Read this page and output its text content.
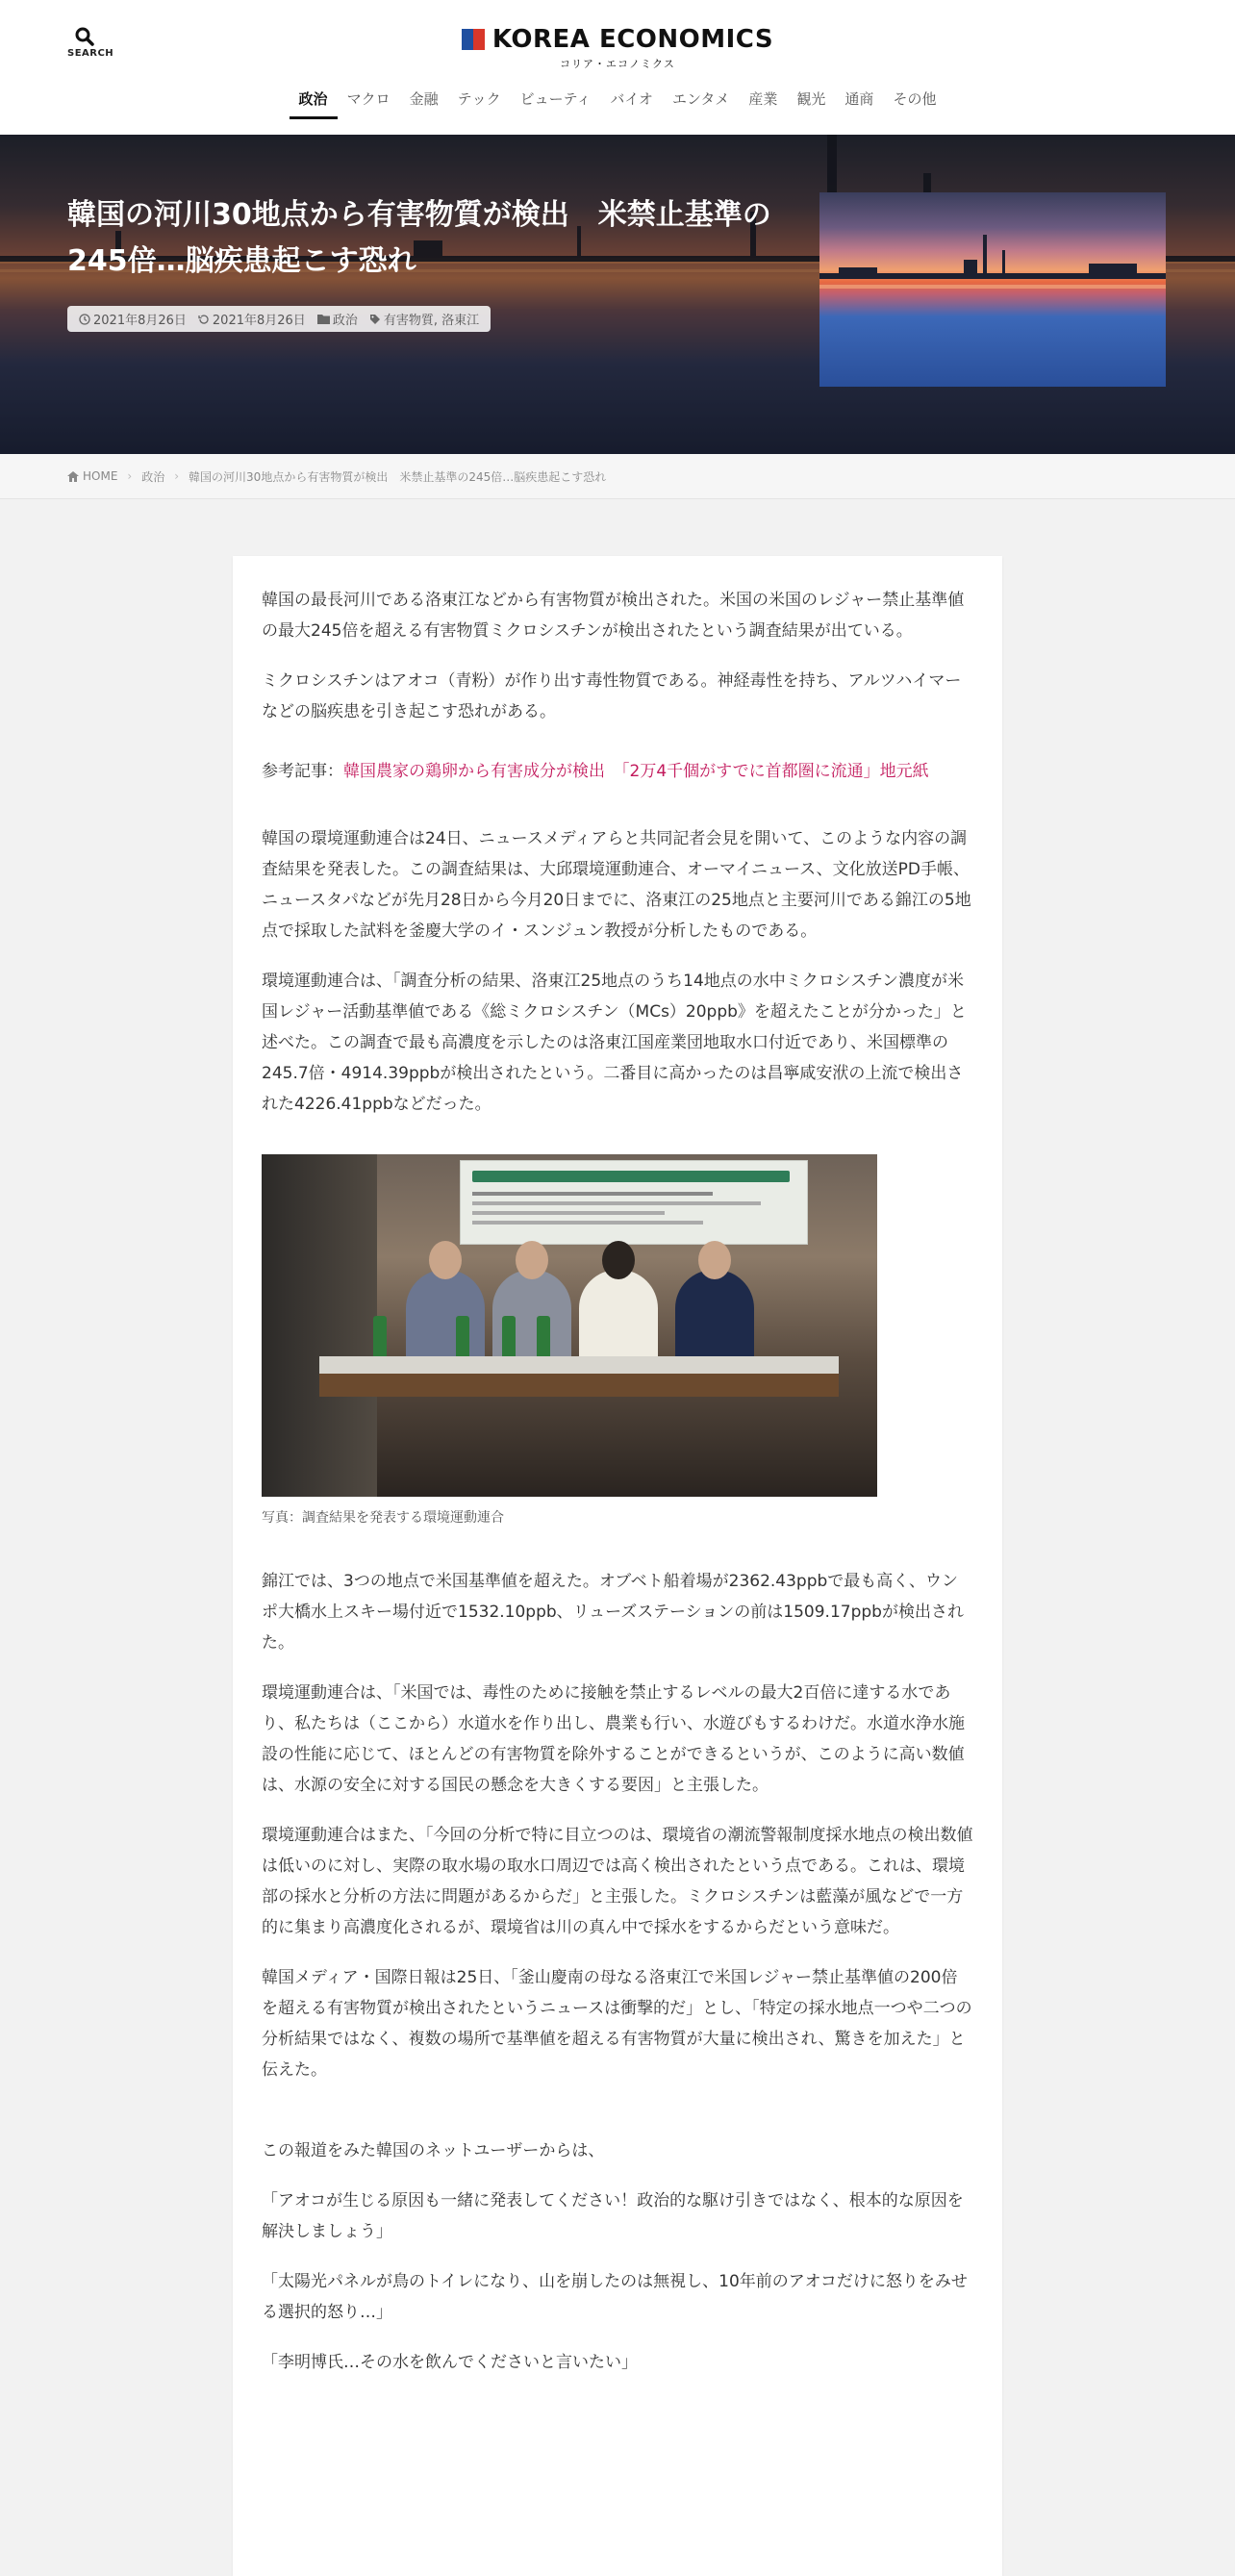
SEARCH	KOREA ECONOMICS
コリア・エコノミクス
政治	マクロ	金融	テック	ビューティ	バイオ	エンタメ	産業	観光	通商	その他
韓国の河川30地点から有害物質が検出　米禁止基準の245倍…脳疾患起こす恐れ
2021年8月26日 2021年8月26日 政治 有害物質, 洛東江
HOME › 政治 › 韓国の河川30地点から有害物質が検出　米禁止基準の245倍…脳疾患起こす恐れ

韓国の最長河川である洛東江などから有害物質が検出された。米国の米国のレジャー禁止基準値の最大245倍を超える有害物質ミクロシスチンが検出されたという調査結果が出ている。

ミクロシスチンはアオコ（青粉）が作り出す毒性物質である。神経毒性を持ち、アルツハイマーなどの脳疾患を引き起こす恐れがある。

参考記事：韓国農家の鶏卵から有害成分が検出　「2万4千個がすでに首都圏に流通」地元紙

韓国の環境運動連合は24日、ニュースメディアらと共同記者会見を開いて、このような内容の調査結果を発表した。この調査結果は、大邱環境運動連合、オーマイニュース、文化放送PD手帳、ニュースタパなどが先月28日から今月20日までに、洛東江の25地点と主要河川である錦江の5地点で採取した試料を釜慶大学のイ・スンジュン教授が分析したものである。

環境運動連合は、「調査分析の結果、洛東江25地点のうち14地点の水中ミクロシスチン濃度が米国レジャー活動基準値である《総ミクロシスチン（MCs）20ppb》を超えたことが分かった」と述べた。この調査で最も高濃度を示したのは洛東江国産業団地取水口付近であり、米国標準の245.7倍・4914.39ppbが検出されたという。二番目に高かったのは昌寧咸安洑の上流で検出された4226.41ppbなどだった。

写真：調査結果を発表する環境運動連合

錦江では、3つの地点で米国基準値を超えた。オブベト船着場が2362.43ppbで最も高く、ウンポ大橋水上スキー場付近で1532.10ppb、リューズステーションの前は1509.17ppbが検出された。

環境運動連合は、「米国では、毒性のために接触を禁止するレベルの最大2百倍に達する水であり、私たちは（ここから）水道水を作り出し、農業も行い、水遊びもするわけだ。水道水浄水施設の性能に応じて、ほとんどの有害物質を除外することができるというが、このように高い数値は、水源の安全に対する国民の懸念を大きくする要因」と主張した。

環境運動連合はまた、「今回の分析で特に目立つのは、環境省の潮流警報制度採水地点の検出数値は低いのに対し、実際の取水場の取水口周辺では高く検出されたという点である。これは、環境部の採水と分析の方法に問題があるからだ」と主張した。ミクロシスチンは藍藻が風などで一方的に集まり高濃度化されるが、環境省は川の真ん中で採水をするからだという意味だ。

韓国メディア・国際日報は25日、「釜山慶南の母なる洛東江で米国レジャー禁止基準値の200倍を超える有害物質が検出されたというニュースは衝撃的だ」とし、「特定の採水地点一つや二つの分析結果ではなく、複数の場所で基準値を超える有害物質が大量に検出され、驚きを加えた」と伝えた。

この報道をみた韓国のネットユーザーからは、

「アオコが生じる原因も一緒に発表してください！政治的な駆け引きではなく、根本的な原因を解決しましょう」

「太陽光パネルが鳥のトイレになり、山を崩したのは無視し、10年前のアオコだけに怒りをみせる選択的怒り…」

「李明博氏…その水を飲んでくださいと言いたい」
